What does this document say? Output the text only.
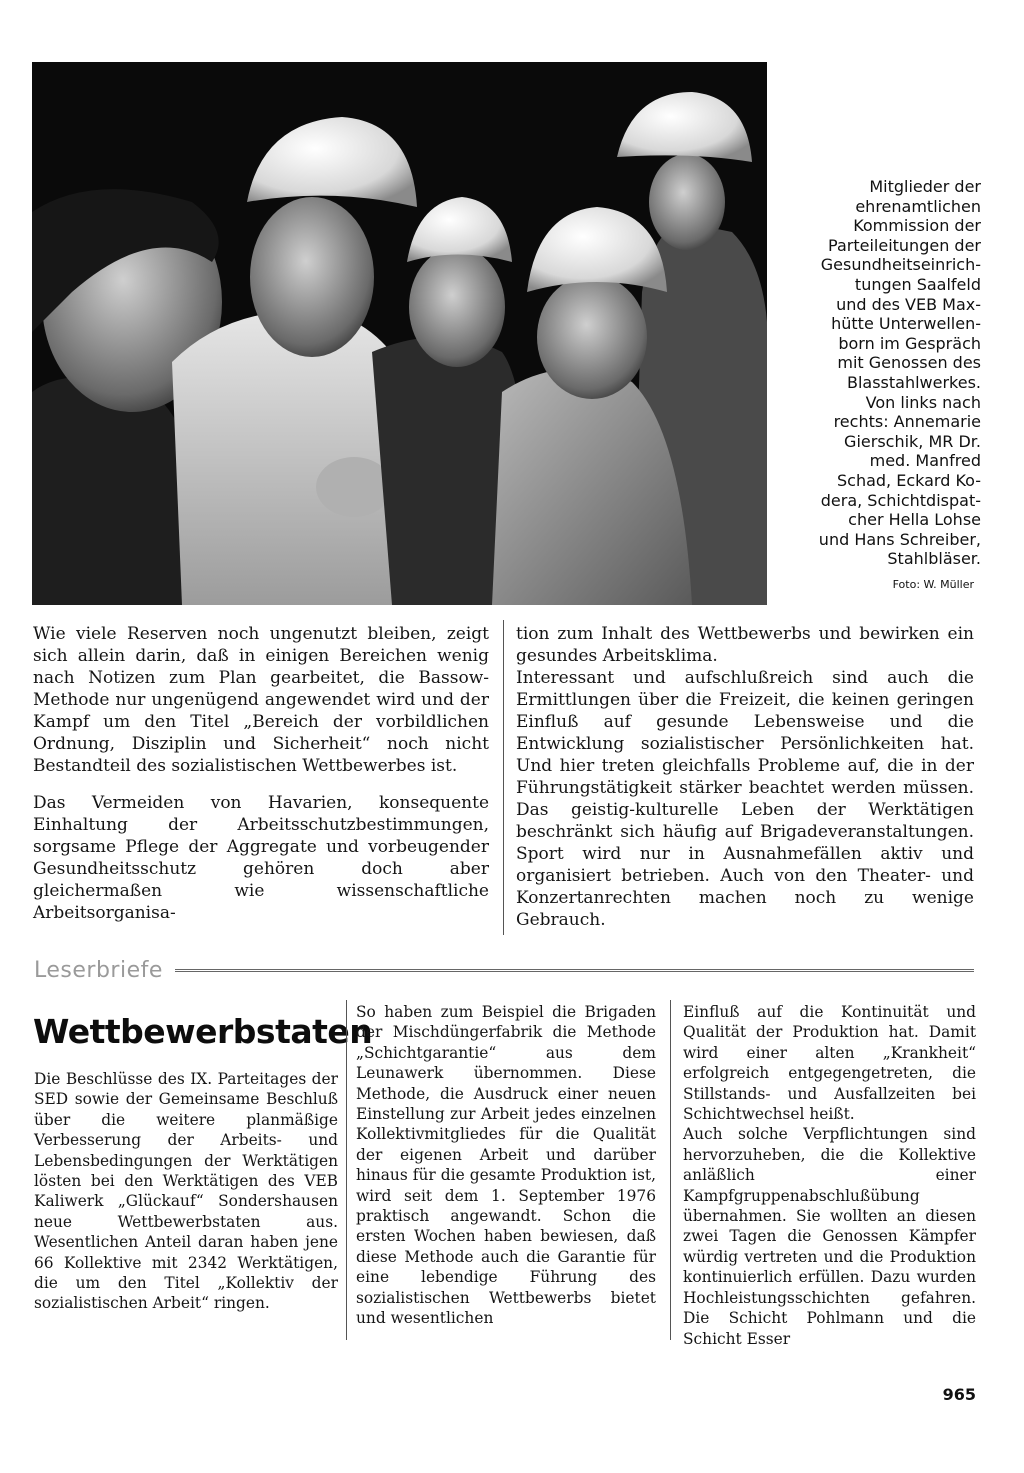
Mitglieder der

ehrenamtlichen

Kommission der

Parteileitungen der

Gesundheitseinrich-

tungen Saalfeld

und des VEB Max-

hütte Unterwellen-

born im Gespräch

mit Genossen des

Blasstahlwerkes.

Von links nach

rechts: Annemarie

Gierschik, MR Dr.

med. Manfred

Schad, Eckard Ko-

dera, Schichtdispat-

cher Hella Lohse

und Hans Schreiber,

Stahlbläser.

Foto: W. Müller

Wie viele Reserven noch ungenutzt bleiben, zeigt sich allein darin, daß in einigen Bereichen wenig nach Notizen zum Plan gearbeitet, die Bassow-Methode nur ungenügend angewendet wird und der Kampf um den Titel „Bereich der vorbildlichen Ordnung, Disziplin und Sicherheit“ noch nicht Bestandteil des sozialistischen Wettbewerbes ist.

Das Vermeiden von Havarien, konsequente Einhaltung der Arbeitsschutzbestimmungen, sorgsame Pflege der Aggregate und vorbeugender Gesundheitsschutz gehören doch aber gleichermaßen wie wissenschaftliche Arbeitsorganisa-

tion zum Inhalt des Wettbewerbs und bewirken ein gesundes Arbeitsklima.

Interessant und aufschlußreich sind auch die Ermittlungen über die Freizeit, die keinen geringen Einfluß auf gesunde Lebensweise und die Entwicklung sozialistischer Persönlichkeiten hat. Und hier treten gleichfalls Probleme auf, die in der Führungstätigkeit stärker beachtet werden müssen. Das geistig-kulturelle Leben der Werktätigen beschränkt sich häufig auf Brigadeveranstaltungen. Sport wird nur in Ausnahmefällen aktiv und organisiert betrieben. Auch von den Theater- und Konzertanrechten machen noch zu wenige Gebrauch.

Leserbriefe
Wettbewerbstaten

Die Beschlüsse des IX. Parteitages der SED sowie der Gemeinsame Beschluß über die weitere planmäßige Verbesserung der Arbeits- und Lebensbedingungen der Werktätigen lösten bei den Werktätigen des VEB Kaliwerk „Glückauf“ Sondershausen neue Wettbewerbstaten aus. Wesentlichen Anteil daran haben jene 66 Kollektive mit 2342 Werktätigen, die um den Titel „Kollektiv der sozialistischen Arbeit“ ringen.

So haben zum Beispiel die Brigaden der Mischdüngerfabrik die Methode „Schichtgarantie“ aus dem Leunawerk übernommen. Diese Methode, die Ausdruck einer neuen Einstellung zur Arbeit jedes einzelnen Kollektivmitgliedes für die Qualität der eigenen Arbeit und darüber hinaus für die gesamte Produktion ist, wird seit dem 1. September 1976 praktisch angewandt. Schon die ersten Wochen haben bewiesen, daß diese Methode auch die Garantie für eine lebendige Führung des sozialistischen Wettbewerbs bietet und wesentlichen

Einfluß auf die Kontinuität und Qualität der Produktion hat. Damit wird einer alten „Krankheit“ erfolgreich entgegengetreten, die Stillstands- und Ausfallzeiten bei Schichtwechsel heißt.

Auch solche Verpflichtungen sind hervorzuheben, die die Kollektive anläßlich einer Kampfgruppenabschlußübung übernahmen. Sie wollten an diesen zwei Tagen die Genossen Kämpfer würdig vertreten und die Produktion kontinuierlich erfüllen. Dazu wurden Hochleistungsschichten gefahren. Die Schicht Pohlmann und die Schicht Esser

965
